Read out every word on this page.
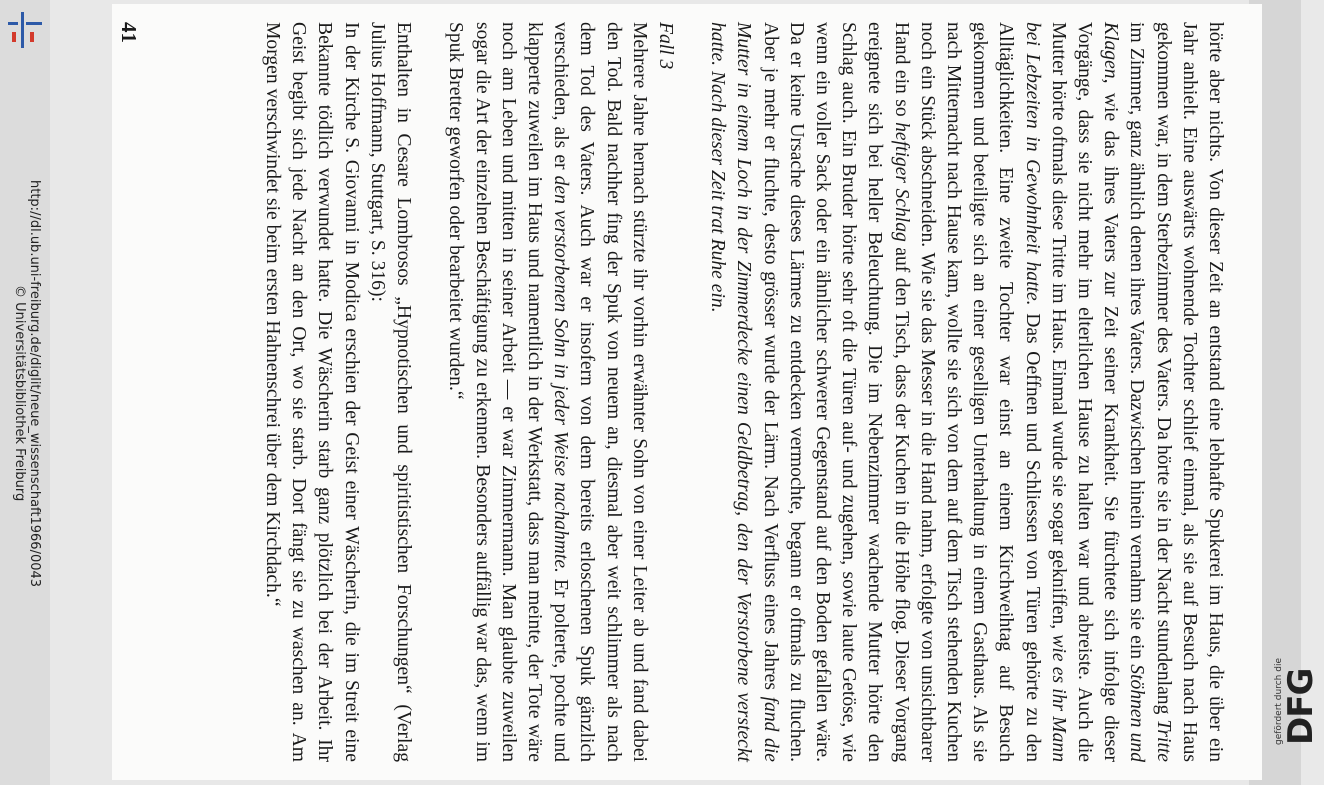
http://dl.ub.uni-freiburg.de/diglit/neue_wissenschaft1966/0043
© Universitätsbibliothek Freiburg
gefördert durch die
DFG

hörte aber nichts. Von dieser Zeit an entstand eine lebhafte Spukerei im Haus, die über ein Jahr anhielt. Eine auswärts wohnende Tochter schlief einmal, als sie auf Besuch nach Haus gekommen war, in dem Sterbezimmer des Vaters. Da hörte sie in der Nacht stundenlang Tritte im Zimmer, ganz ähnlich denen ihres Vaters. Dazwischen hinein vernahm sie ein Stöhnen und Klagen, wie das ihres Vaters zur Zeit seiner Krankheit. Sie fürchtete sich infolge dieser Vorgänge, dass sie nicht mehr im elterlichen Hause zu halten war und abreiste. Auch die Mutter hörte oftmals diese Tritte im Haus. Einmal wurde sie sogar gekniffen, wie es ihr Mann bei Lebzeiten in Gewohnheit hatte. Das Oeffnen und Schliessen von Türen gehörte zu den Alltäglichkeiten. Eine zweite Tochter war einst an einem Kirchweihtag auf Besuch gekommen und beteiligte sich an einer geselligen Unterhaltung in einem Gasthaus. Als sie nach Mitternacht nach Hause kam, wollte sie sich von dem auf dem Tisch stehenden Kuchen noch ein Stück abschneiden. Wie sie das Messer in die Hand nahm, erfolgte von unsichtbarer Hand ein so heftiger Schlag auf den Tisch, dass der Kuchen in die Höhe flog. Dieser Vorgang ereignete sich bei heller Beleuchtung. Die im Nebenzimmer wachende Mutter hörte den Schlag auch. Ein Bruder hörte sehr oft die Türen auf- und zugehen, sowie laute Getöse, wie wenn ein voller Sack oder ein ähnlicher schwerer Gegenstand auf den Boden gefallen wäre. Da er keine Ursache dieses Lärmes zu entdecken vermochte, begann er oftmals zu fluchen. Aber je mehr er fluchte, desto grösser wurde der Lärm. Nach Verfluss eines Jahres fand die Mutter in einem Loch in der Zimmerdecke einen Geldbetrag, den der Verstorbene versteckt hatte. Nach dieser Zeit trat Ruhe ein.

Fall 3

Mehrere Jahre hernach stürzte ihr vorhin erwähnter Sohn von einer Leiter ab und fand dabei den Tod. Bald nachher fing der Spuk von neuem an, diesmal aber weit schlimmer als nach dem Tod des Vaters. Auch war er insofern von dem bereits erloschenen Spuk gänzlich verschieden, als er den verstorbenen Sohn in jeder Weise nachahmte. Er polterte, pochte und klapperte zuweilen im Haus und namentlich in der Werkstatt, dass man meinte, der Tote wäre noch am Leben und mitten in seiner Arbeit — er war Zimmermann. Man glaubte zuweilen sogar die Art der einzelnen Beschäftigung zu erkennen. Besonders auffällig war das, wenn im Spuk Bretter geworfen oder bearbeitet wurden.“

Enthalten in Cesare Lombrosos „Hypnotischen und spiritistischen Forschungen“ (Verlag Julius Hoffmann, Stuttgart, S. 316):

In der Kirche S. Giovanni in Modica erschien der Geist einer Wäscherin, die im Streit eine Bekannte tödlich verwundet hatte. Die Wäscherin starb ganz plötzlich bei der Arbeit. Ihr Geist begibt sich jede Nacht an den Ort, wo sie starb. Dort fängt sie zu waschen an. Am Morgen verschwindet sie beim ersten Hahnenschrei über dem Kirchdach.“

41
